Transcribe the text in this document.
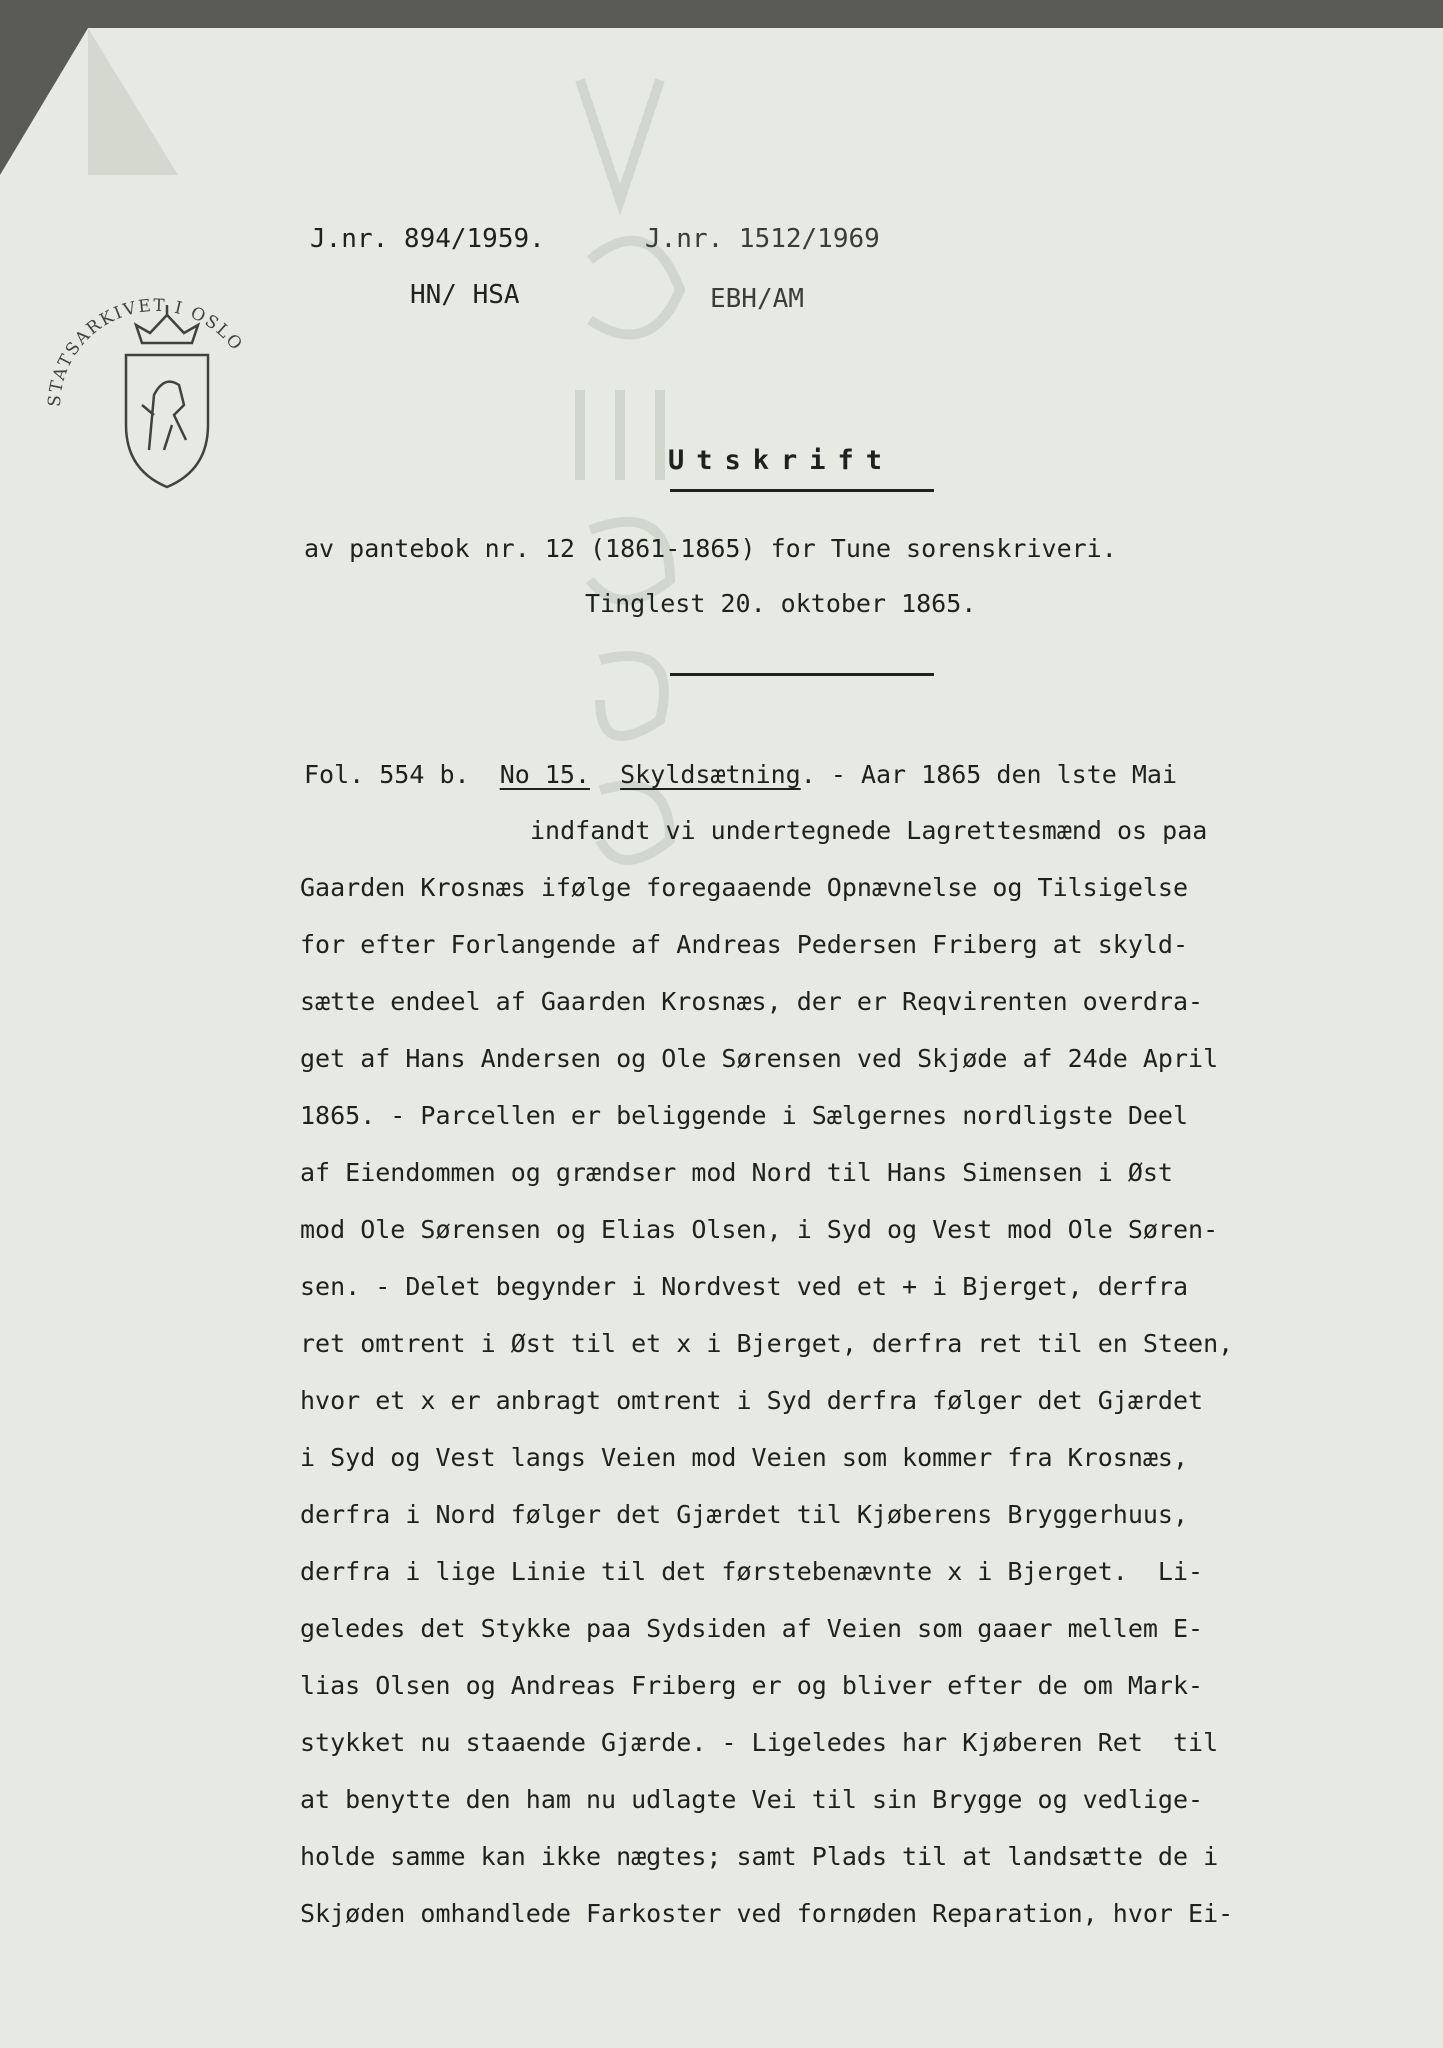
STATSARKIVET I OSLO
J.nr. 894/1959.	J.nr. 1512/1969
HN/ HSA	EBH/AM
Utskrift
av pantebok nr. 12 (1861-1865) for Tune sorenskriveri.
Tinglest 20. oktober 1865.
Fol. 554 b. No 15. Skyldsætning. - Aar 1865 den lste Mai
indfandt vi undertegnede Lagrettesmænd os paa
Gaarden Krosnæs ifølge foregaaende Opnævnelse og Tilsigelse
for efter Forlangende af Andreas Pedersen Friberg at skyld-
sætte endeel af Gaarden Krosnæs, der er Reqvirenten overdra-
get af Hans Andersen og Ole Sørensen ved Skjøde af 24de April
1865. - Parcellen er beliggende i Sælgernes nordligste Deel
af Eiendommen og grændser mod Nord til Hans Simensen i Øst
mod Ole Sørensen og Elias Olsen, i Syd og Vest mod Ole Søren-
sen. - Delet begynder i Nordvest ved et + i Bjerget, derfra
ret omtrent i Øst til et x i Bjerget, derfra ret til en Steen,
hvor et x er anbragt omtrent i Syd derfra følger det Gjærdet
i Syd og Vest langs Veien mod Veien som kommer fra Krosnæs,
derfra i Nord følger det Gjærdet til Kjøberens Bryggerhuus,
derfra i lige Linie til det førstebenævnte x i Bjerget.  Li-
geledes det Stykke paa Sydsiden af Veien som gaaer mellem E-
lias Olsen og Andreas Friberg er og bliver efter de om Mark-
stykket nu staaende Gjærde. - Ligeledes har Kjøberen Ret  til
at benytte den ham nu udlagte Vei til sin Brygge og vedlige-
holde samme kan ikke nægtes; samt Plads til at landsætte de i
Skjøden omhandlede Farkoster ved fornøden Reparation, hvor Ei-
